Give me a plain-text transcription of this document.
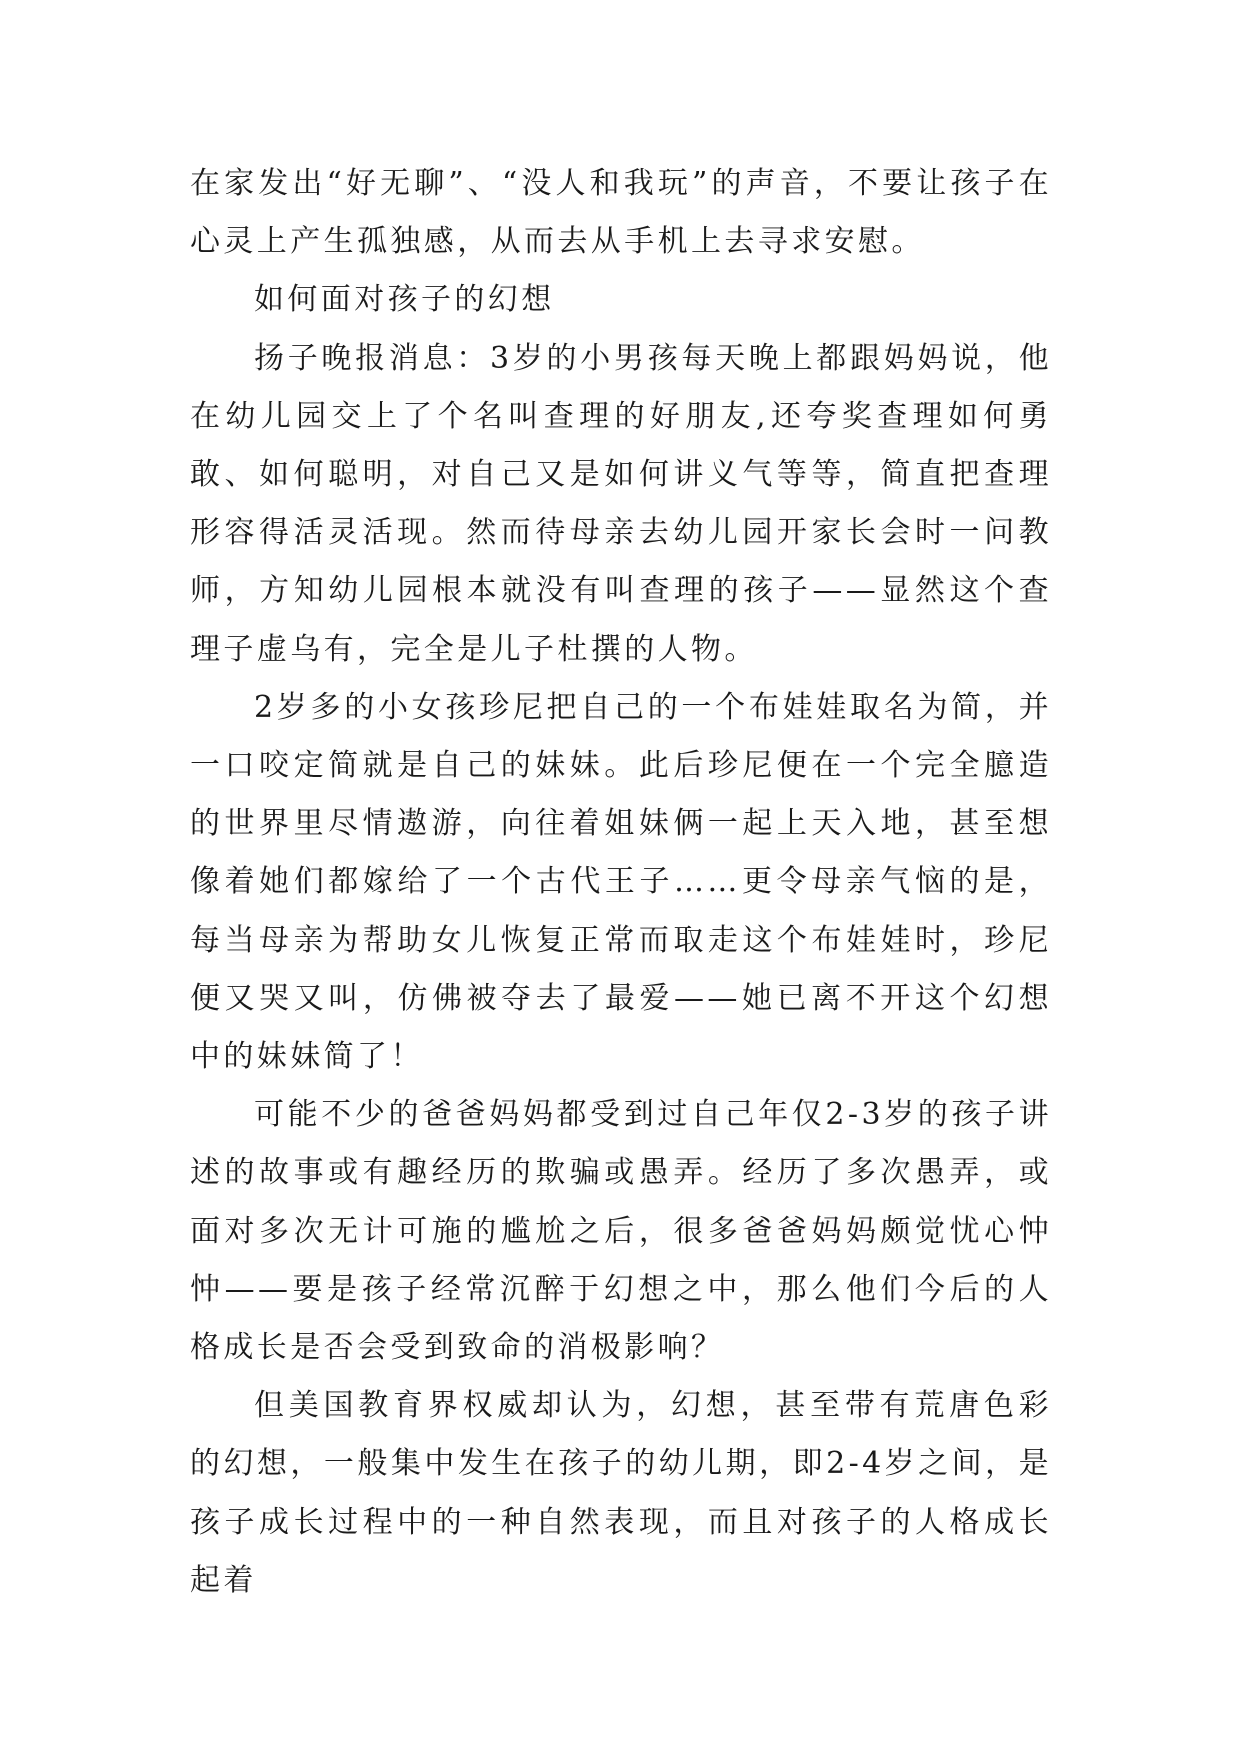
在家发出“好无聊”、“没人和我玩”的声音，不要让孩子在心灵上产生孤独感，从而去从手机上去寻求安慰。

如何面对孩子的幻想

扬子晚报消息：3岁的小男孩每天晚上都跟妈妈说，他在幼儿园交上了个名叫查理的好朋友,还夸奖查理如何勇敢、如何聪明，对自己又是如何讲义气等等，简直把查理形容得活灵活现。然而待母亲去幼儿园开家长会时一问教师，方知幼儿园根本就没有叫查理的孩子——显然这个查理子虚乌有，完全是儿子杜撰的人物。

2岁多的小女孩珍尼把自己的一个布娃娃取名为简，并一口咬定简就是自己的妹妹。此后珍尼便在一个完全臆造的世界里尽情遨游，向往着姐妹俩一起上天入地，甚至想像着她们都嫁给了一个古代王子……更令母亲气恼的是，每当母亲为帮助女儿恢复正常而取走这个布娃娃时，珍尼便又哭又叫，仿佛被夺去了最爱——她已离不开这个幻想中的妹妹简了！

可能不少的爸爸妈妈都受到过自己年仅2-3岁的孩子讲述的故事或有趣经历的欺骗或愚弄。经历了多次愚弄，或面对多次无计可施的尴尬之后，很多爸爸妈妈颇觉忧心忡忡——要是孩子经常沉醉于幻想之中，那么他们今后的人格成长是否会受到致命的消极影响？

但美国教育界权威却认为，幻想，甚至带有荒唐色彩的幻想，一般集中发生在孩子的幼儿期，即2-4岁之间，是孩子成长过程中的一种自然表现，而且对孩子的人格成长起着
